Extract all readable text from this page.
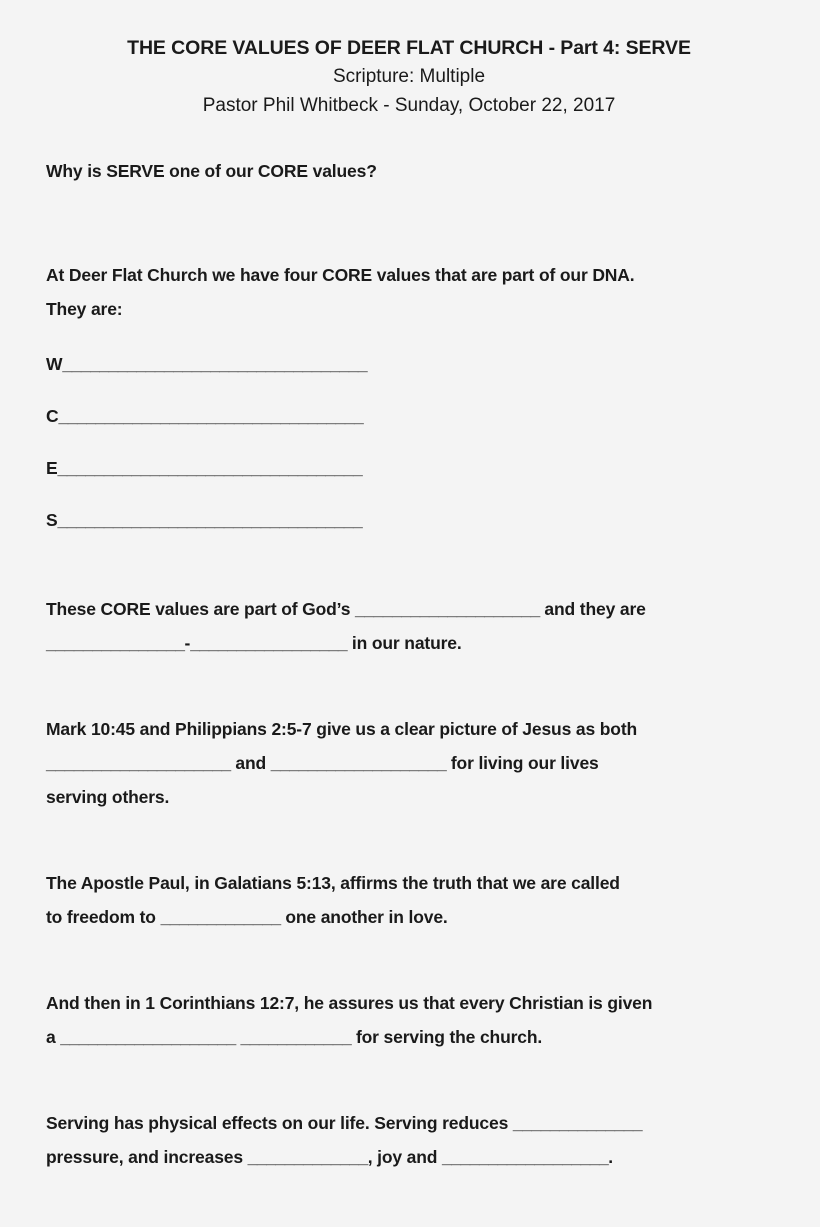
THE CORE VALUES OF DEER FLAT CHURCH - Part 4: SERVE
Scripture: Multiple
Pastor Phil Whitbeck - Sunday, October 22, 2017

Why is SERVE one of our CORE values?

At Deer Flat Church we have four CORE values that are part of our DNA.

They are:

W_________________________________

C_________________________________

E_________________________________

S_________________________________

These CORE values are part of God’s ____________________ and they are

_______________-_________________ in our nature.

Mark 10:45 and Philippians 2:5-7 give us a clear picture of Jesus as both

____________________ and ___________________ for living our lives

serving others.

The Apostle Paul, in Galatians 5:13, affirms the truth that we are called

to freedom to _____________ one another in love.

And then in 1 Corinthians 12:7, he assures us that every Christian is given

a ___________________ ____________ for serving the church.

Serving has physical effects on our life. Serving reduces ______________

pressure, and increases _____________, joy and __________________.
